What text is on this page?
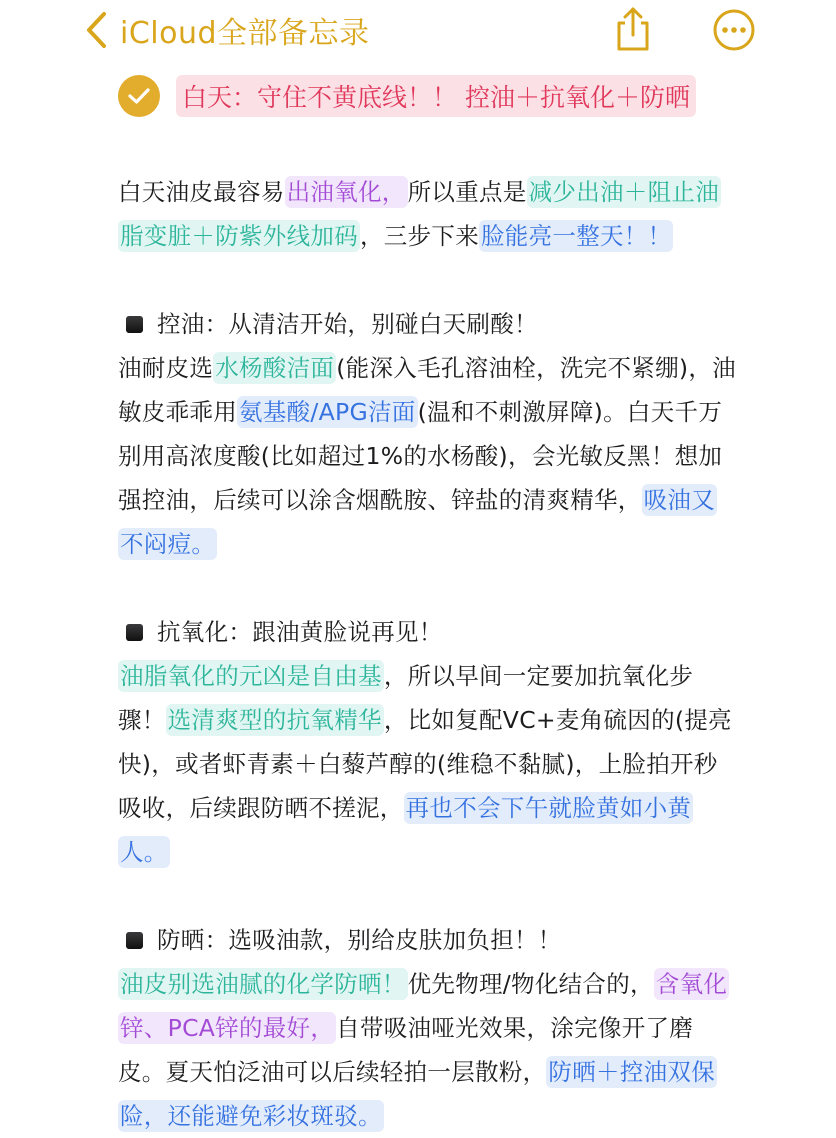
iCloud全部备忘录
白天：守住不黄底线！！ 控油＋抗氧化＋防晒

白天油皮最容易出油氧化，所以重点是减少出油＋阻止油脂变脏＋防紫外线加码，三步下来脸能亮一整天！！

控油：从清洁开始，别碰白天刷酸！
油耐皮选水杨酸洁面(能深入毛孔溶油栓，洗完不紧绷)，油敏皮乖乖用氨基酸/APG洁面(温和不刺激屏障)。白天千万别用高浓度酸(比如超过1%的水杨酸)，会光敏反黑！想加强控油，后续可以涂含烟酰胺、锌盐的清爽精华，吸油又不闷痘。

抗氧化：跟油黄脸说再见！
油脂氧化的元凶是自由基，所以早间一定要加抗氧化步骤！选清爽型的抗氧精华，比如复配VC+麦角硫因的(提亮快)，或者虾青素＋白藜芦醇的(维稳不黏腻)，上脸拍开秒吸收，后续跟防晒不搓泥，再也不会下午就脸黄如小黄人。

防晒：选吸油款，别给皮肤加负担！！
油皮别选油腻的化学防晒！优先物理/物化结合的，含氧化锌、PCA锌的最好，自带吸油哑光效果，涂完像开了磨皮。夏天怕泛油可以后续轻拍一层散粉，防晒＋控油双保险，还能避免彩妆斑驳。
